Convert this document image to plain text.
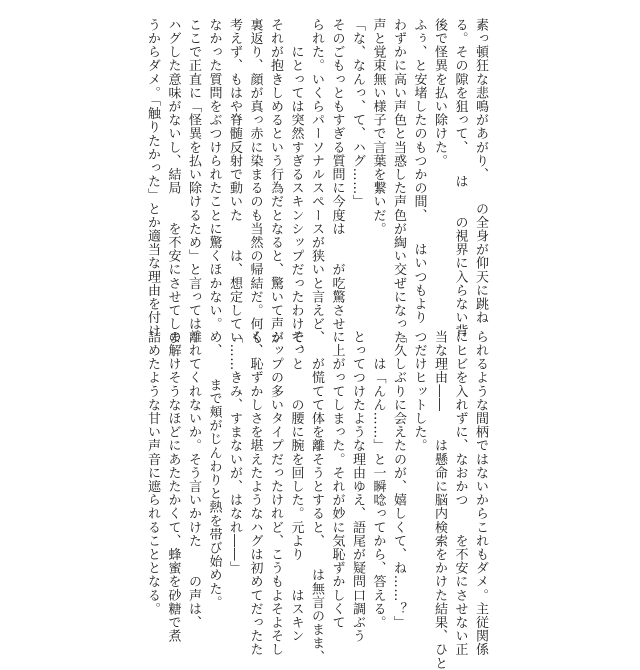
素っ頓狂な悲鳴があがり、　　の全身が仰天に跳ね
る。その隙を狙って、　　は　　の視界に入らない背
後で怪異を払い除けた。
ふぅ、と安堵したのもつかの間、　　はいつもより
わずかに高い声色と当惑した声色が綯い交ぜになった
声と覚束無い様子で言葉を繋いだ。
「な、なんっ、て、ハグ……」
そのごもっともすぎる質問に今度は　　が吃驚させ
られた。いくらパーソナルスペースが狭いと言えど、
　　にとっては突然すぎるスキンシップだったわけで、
それが抱きしめるという行為だとなると、驚いて声が
裏返り、顔が真っ赤に染まるのも当然の帰結だ。何も
考えず、もはや脊髄反射で動いた　　は、想定してい
なかった質問をぶつけられたことに驚くほかない。
ここで正直に「怪異を払い除けるため」と言っては
ハグした意味がないし、結局　　を不安にさせてしま
うからダメ。「触りたかった」とか適当な理由を付け
られるような間柄ではないからこれもダメ。主従関係
にヒビを入れずに、なおかつ　　を不安にさせない正
当な理由――　　は懸命に脳内検索をかけた結果、ひと
つだけヒットした。
「久しぶりに会えたのが、嬉しくて、ね……？」
　　は「んん……」と一瞬唸ってから、答える。
とってつけたような理由ゆえ、語尾が疑問口調ぶう
に上がってしまった。それが妙に気恥ずかしくて
　　が慌てて体を離そうとすると、　　は無言のまま、
そっと　　の腰に腕を回した。元より　　はスキン
シップの多いタイプだったけれど、こうもよそよそし
く、恥ずかしさを堪えたようなハグは初めてだったた
「……きみ、すまないが、はなれ――」
め、　　まで頬がじんわりと熱を帯び始めた。
離れてくれないか。そう言いかけた　　の声は、
の解けそうなほどにあたたかくて、蜂蜜を砂糖で煮
詰めたような甘い声音に遮られることとなる。
